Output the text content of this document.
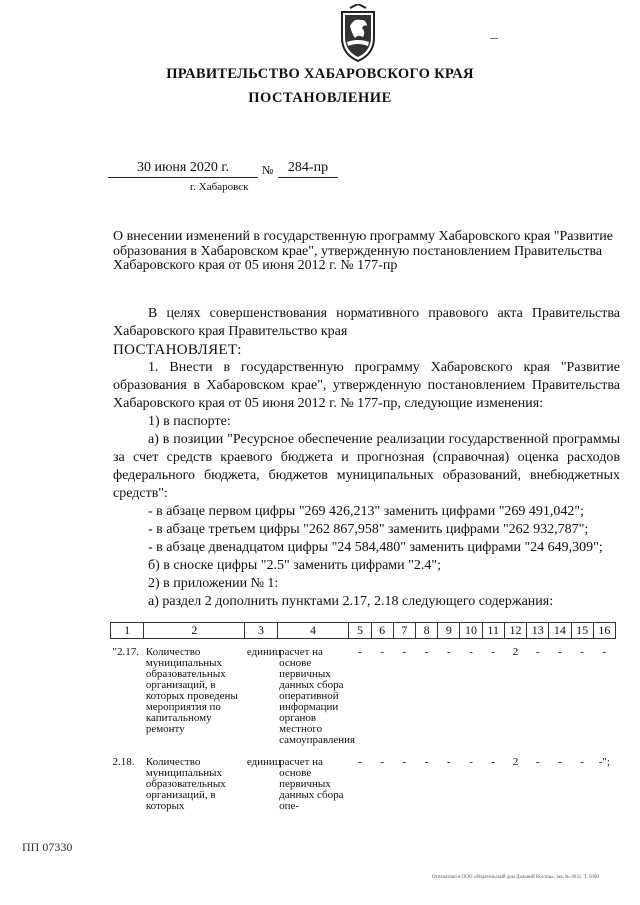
ПРАВИТЕЛЬСТВО ХАБАРОВСКОГО КРАЯ
ПОСТАНОВЛЕНИЕ
30 июня 2020 г.	№	284-пр
г. Хабаровск
О внесении изменений в государственную программу Хабаровского края "Развитие образования в Хабаровском крае", утвержденную постановлением Правительства Хабаровского края от 05 июня 2012 г. № 177-пр

В целях совершенствования нормативного правового акта Правительства Хабаровского края Правительство края

ПОСТАНОВЛЯЕТ:

1. Внести в государственную программу Хабаровского края "Развитие образования в Хабаровском крае", утвержденную постановлением Правительства Хабаровского края от 05 июня 2012 г. № 177-пр, следующие изменения:

1) в паспорте:

а) в позиции "Ресурсное обеспечение реализации государственной программы за счет средств краевого бюджета и прогнозная (справочная) оценка расходов федерального бюджета, бюджетов муниципальных образований, внебюджетных средств":

- в абзаце первом цифры "269 426,213" заменить цифрами "269 491,042";

- в абзаце третьем цифры "262 867,958" заменить цифрами "262 932,787";

- в абзаце двенадцатом цифры "24 584,480" заменить цифрами "24 649,309";

б) в сноске цифры "2.5" заменить цифрами "2.4";

2) в приложении № 1:

а) раздел 2 дополнить пунктами 2.17, 2.18 следующего содержания:

1	2	3	4	5	6	7	8	9	10	11	12	13	14	15	16
"2.17.	Количество муниципальных образовательных организаций, в которых проведены мероприятия по капитальному ремонту	единиц	расчет на основе первичных данных сбора оперативной информации органов местного самоуправления	-	-	-	-	-	-	-	2	-	-	-	-
2.18.	Количество муниципальных образовательных организаций, в которых	единиц	расчет на основе первичных данных сбора опе-	-	-	-	-	-	-	-	2	-	-	-	-";
ПП 07330
Отпечатано в ООО «Издательский дом Дальний Восток», зак. № 4631. Т. 5000
